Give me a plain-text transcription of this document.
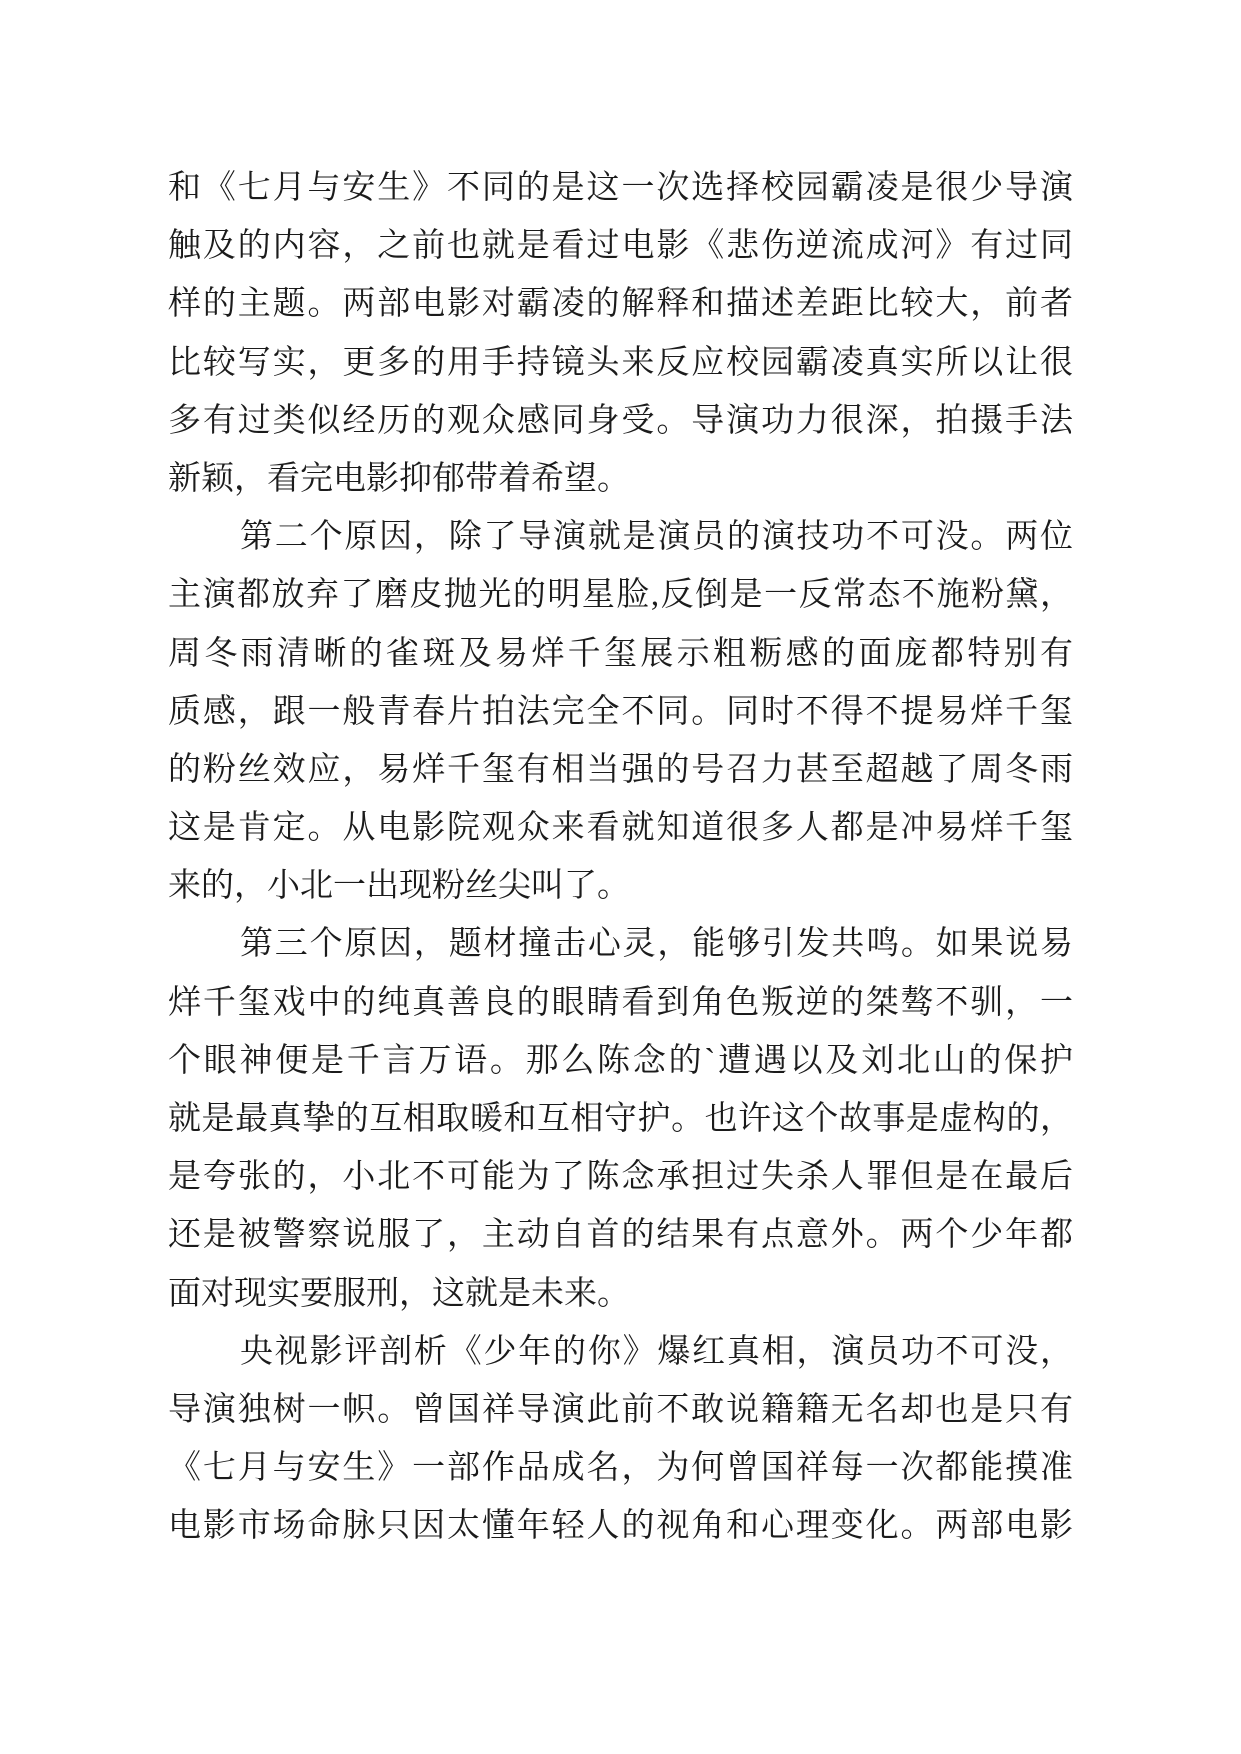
和《七月与安生》不同的是这一次选择校园霸凌是很少导演
触及的内容，之前也就是看过电影《悲伤逆流成河》有过同
样的主题。两部电影对霸凌的解释和描述差距比较大，前者
比较写实，更多的用手持镜头来反应校园霸凌真实所以让很
多有过类似经历的观众感同身受。导演功力很深，拍摄手法
新颖，看完电影抑郁带着希望。
第二个原因，除了导演就是演员的演技功不可没。两位
主演都放弃了磨皮抛光的明星脸,反倒是一反常态不施粉黛，
周冬雨清晰的雀斑及易烊千玺展示粗粝感的面庞都特别有
质感，跟一般青春片拍法完全不同。同时不得不提易烊千玺
的粉丝效应，易烊千玺有相当强的号召力甚至超越了周冬雨
这是肯定。从电影院观众来看就知道很多人都是冲易烊千玺
来的，小北一出现粉丝尖叫了。
第三个原因，题材撞击心灵，能够引发共鸣。如果说易
烊千玺戏中的纯真善良的眼睛看到角色叛逆的桀骜不驯，一
个眼神便是千言万语。那么陈念的`遭遇以及刘北山的保护
就是最真挚的互相取暖和互相守护。也许这个故事是虚构的，
是夸张的，小北不可能为了陈念承担过失杀人罪但是在最后
还是被警察说服了，主动自首的结果有点意外。两个少年都
面对现实要服刑，这就是未来。
央视影评剖析《少年的你》爆红真相，演员功不可没，
导演独树一帜。曾国祥导演此前不敢说籍籍无名却也是只有
《七月与安生》一部作品成名，为何曾国祥每一次都能摸准
电影市场命脉只因太懂年轻人的视角和心理变化。两部电影
